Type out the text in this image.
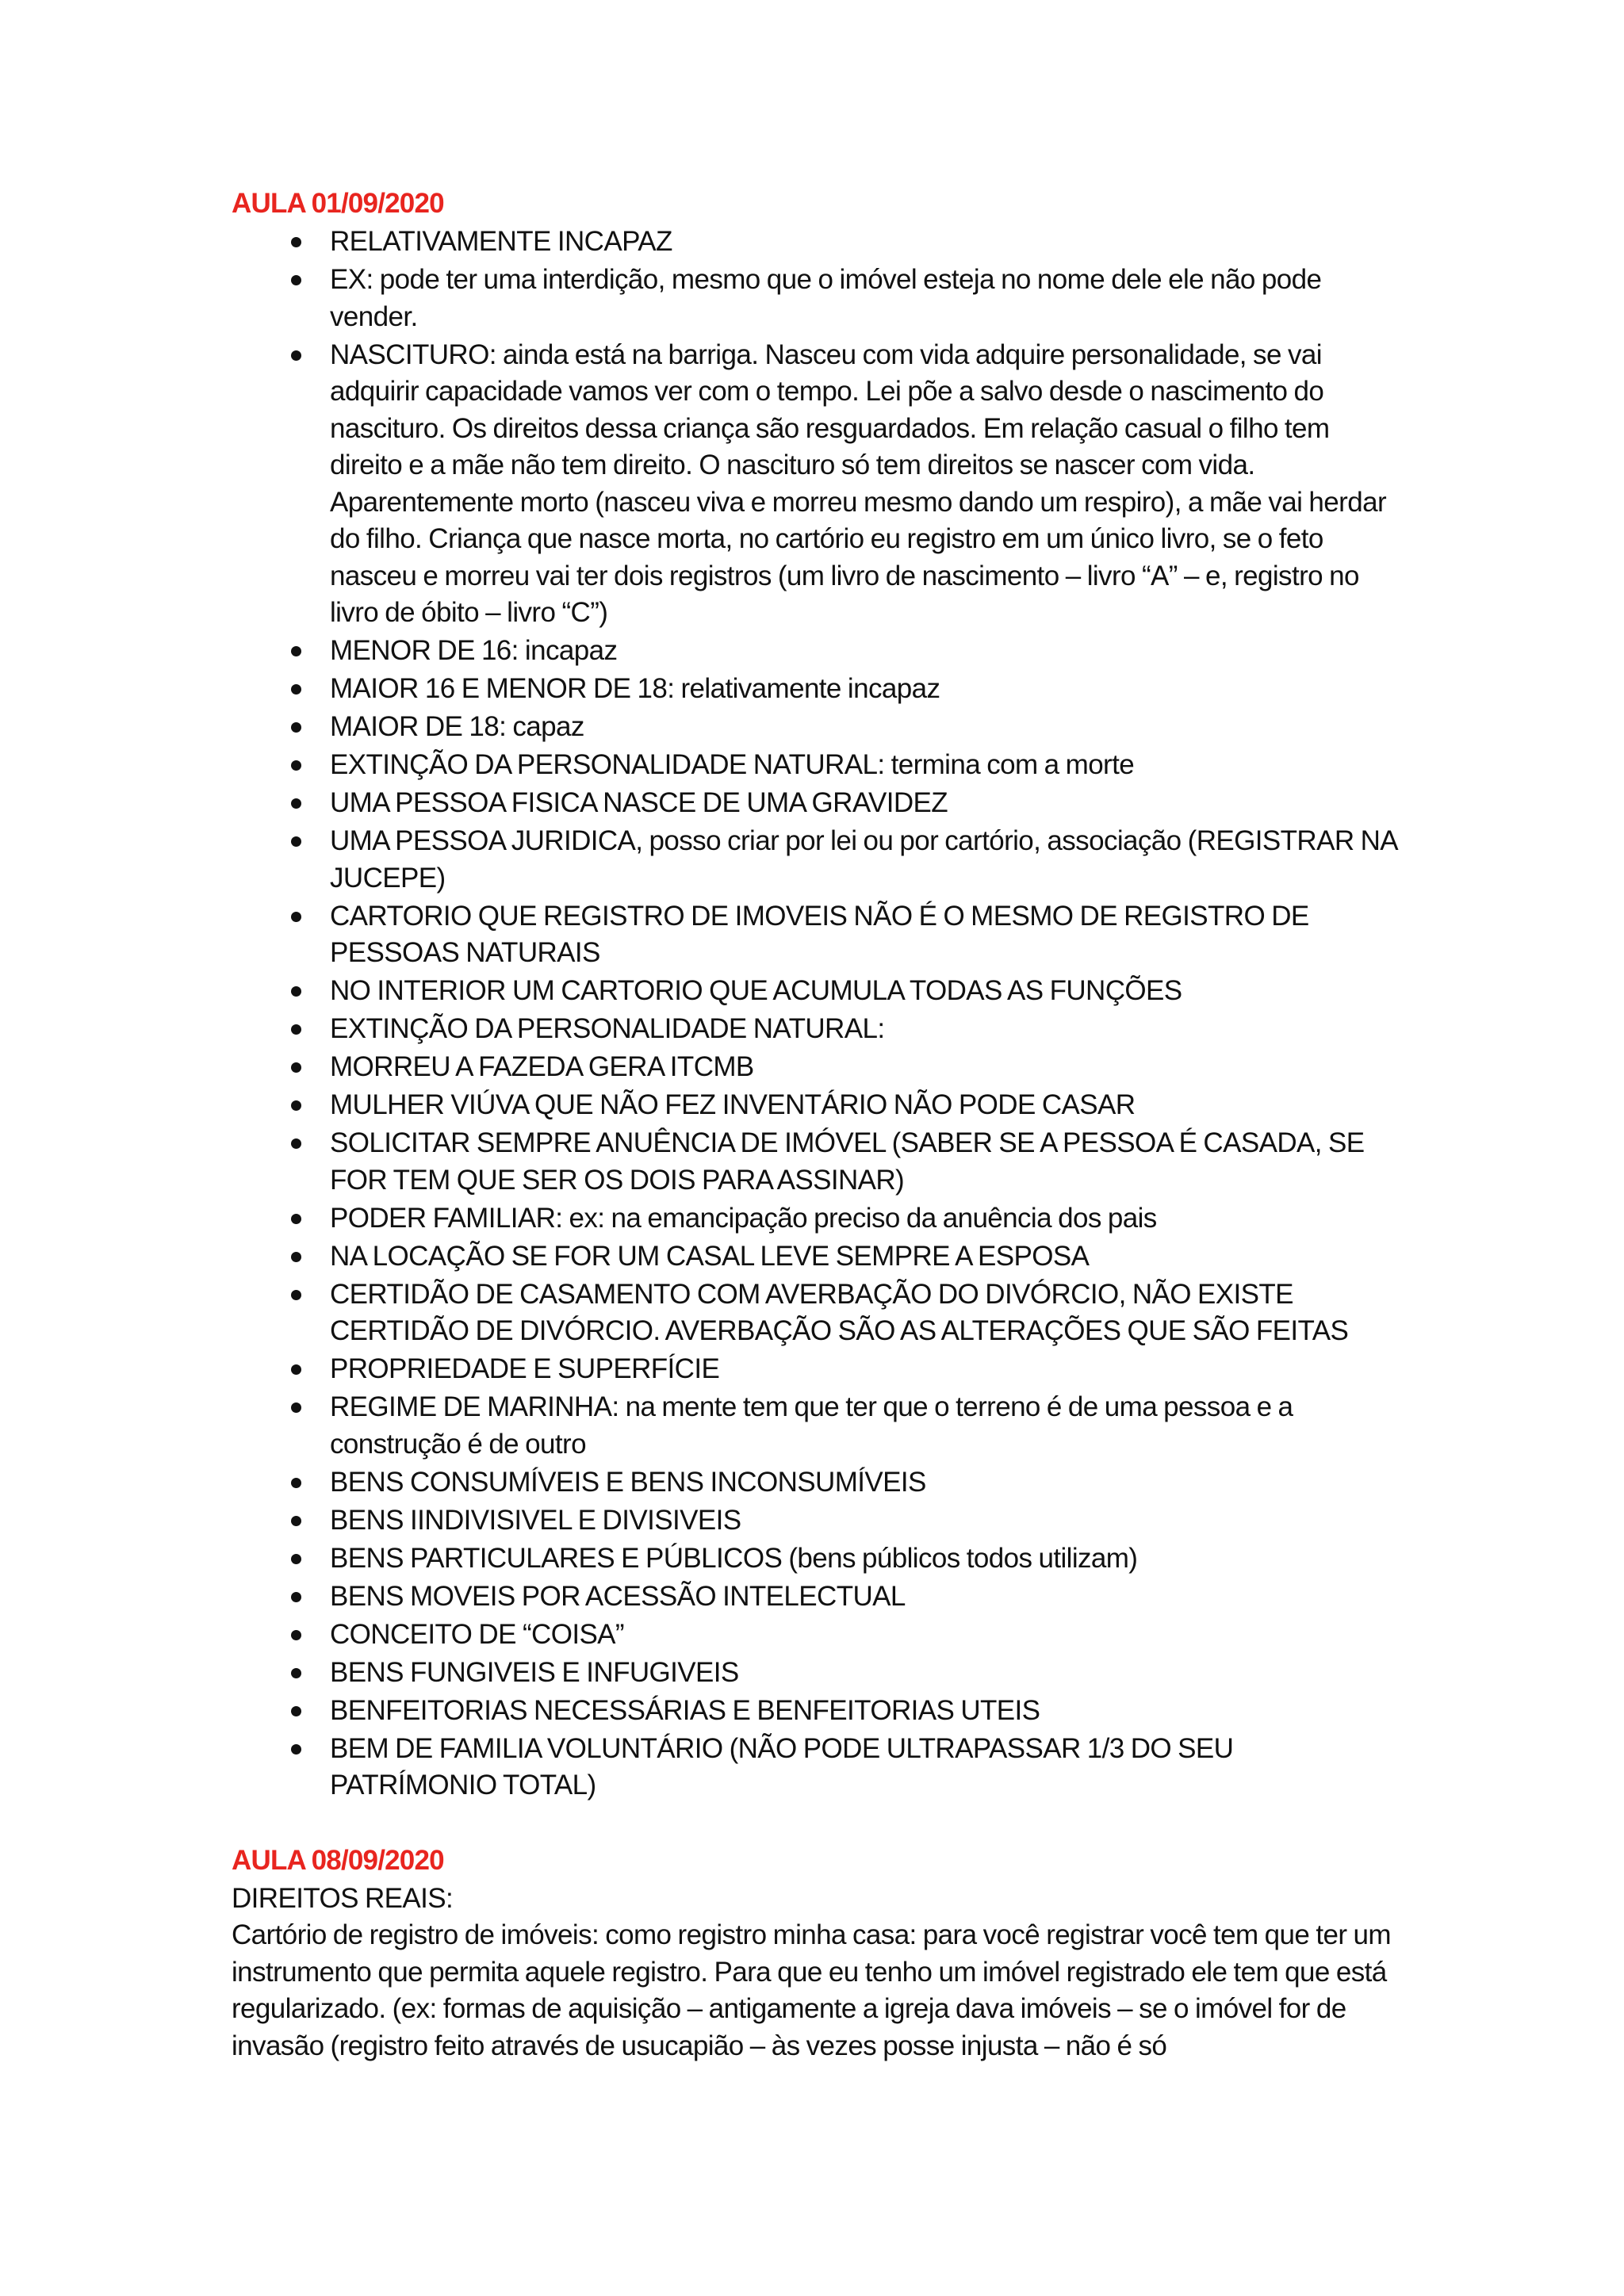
AULA 01/09/2020
RELATIVAMENTE INCAPAZ
EX: pode ter uma interdição, mesmo que o imóvel esteja no nome dele ele não pode vender.
NASCITURO: ainda está na barriga. Nasceu com vida adquire personalidade, se vai adquirir capacidade vamos ver com o tempo. Lei põe a salvo desde o nascimento do nascituro. Os direitos dessa criança são resguardados. Em relação casual o filho tem direito e a mãe não tem direito. O nascituro só tem direitos se nascer com vida. Aparentemente morto (nasceu viva e morreu mesmo dando um respiro), a mãe vai herdar do filho. Criança que nasce morta, no cartório eu registro em um único livro, se o feto nasceu e morreu vai ter dois registros (um livro de nascimento – livro “A” – e, registro no livro de óbito – livro “C”)
MENOR DE 16: incapaz
MAIOR 16 E MENOR DE 18: relativamente incapaz
MAIOR DE 18: capaz
EXTINÇÃO DA PERSONALIDADE NATURAL: termina com a morte
UMA PESSOA FISICA NASCE DE UMA GRAVIDEZ
UMA PESSOA JURIDICA, posso criar por lei ou por cartório, associação (REGISTRAR NA JUCEPE)
CARTORIO QUE REGISTRO DE IMOVEIS NÃO É O MESMO DE REGISTRO DE PESSOAS NATURAIS
NO INTERIOR UM CARTORIO QUE ACUMULA TODAS AS FUNÇÕES
EXTINÇÃO DA PERSONALIDADE NATURAL:
MORREU A FAZEDA GERA ITCMB
MULHER VIÚVA QUE NÃO FEZ INVENTÁRIO NÃO PODE CASAR
SOLICITAR SEMPRE ANUÊNCIA DE IMÓVEL (SABER SE A PESSOA É CASADA, SE FOR TEM QUE SER OS DOIS PARA ASSINAR)
PODER FAMILIAR: ex: na emancipação preciso da anuência dos pais
NA LOCAÇÃO SE FOR UM CASAL LEVE SEMPRE A ESPOSA
CERTIDÃO DE CASAMENTO COM AVERBAÇÃO DO DIVÓRCIO, NÃO EXISTE CERTIDÃO DE DIVÓRCIO. AVERBAÇÃO SÃO AS ALTERAÇÕES QUE SÃO FEITAS
PROPRIEDADE E SUPERFÍCIE
REGIME DE MARINHA: na mente tem que ter que o terreno é de uma pessoa e a construção é de outro
BENS CONSUMÍVEIS E BENS INCONSUMÍVEIS
BENS IINDIVISIVEL E DIVISIVEIS
BENS PARTICULARES E PÚBLICOS (bens públicos todos utilizam)
BENS MOVEIS POR ACESSÃO INTELECTUAL
CONCEITO DE “COISA”
BENS FUNGIVEIS E INFUGIVEIS
BENFEITORIAS NECESSÁRIAS E BENFEITORIAS UTEIS
BEM DE FAMILIA VOLUNTÁRIO (NÃO PODE ULTRAPASSAR 1/3 DO SEU PATRÍMONIO TOTAL)
AULA 08/09/2020

DIREITOS REAIS:

Cartório de registro de imóveis: como registro minha casa: para você registrar você tem que ter um instrumento que permita aquele registro. Para que eu tenho um imóvel registrado ele tem que está regularizado. (ex: formas de aquisição – antigamente a igreja dava imóveis – se o imóvel for de invasão (registro feito através de usucapião – às vezes posse injusta – não é só
